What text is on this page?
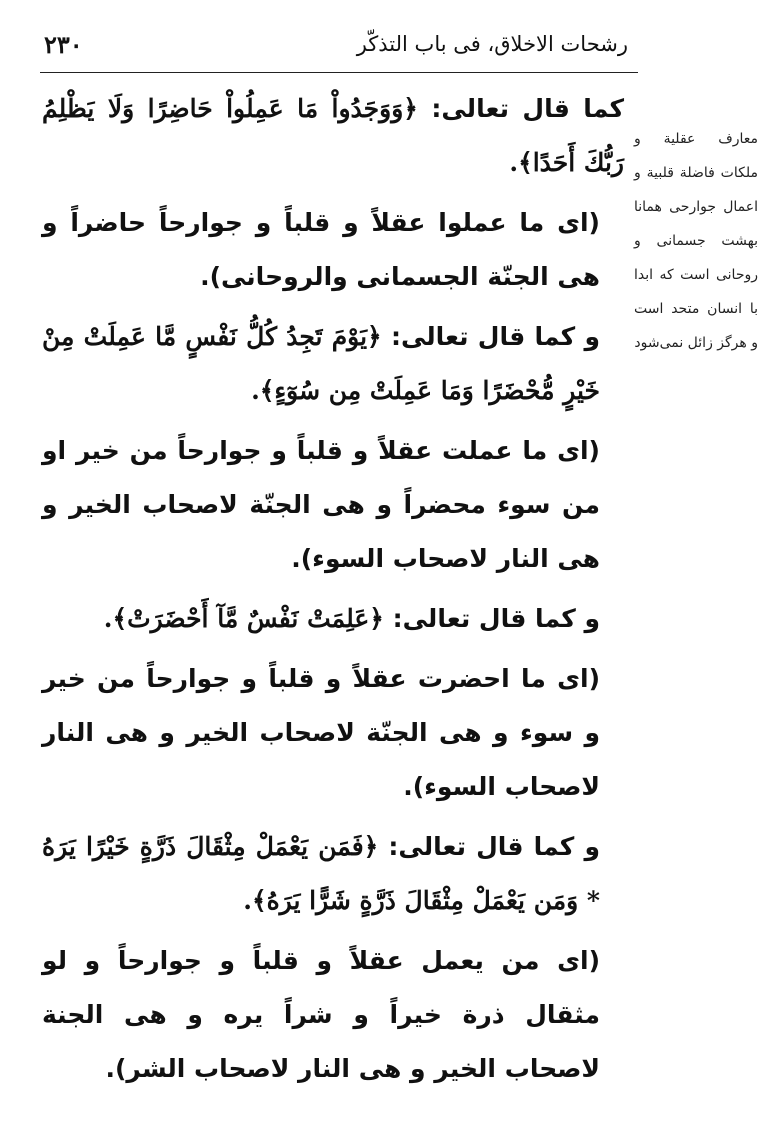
۲۳۰	رشحات الاخلاق، فی باب التذکّر
معارف عقلية و ملكات فاضلة قلبية و اعمال جوارحی همانا بهشت جسمانی و روحانی است که ابدا با انسان متحد است و هرگز زائل نمی‌شود

کما قال تعالی: ﴿وَوَجَدُواْ مَا عَمِلُواْ حَاضِرًا وَلَا يَظْلِمُ رَبُّكَ أَحَدًا﴾.

(ای ما عملوا عقلاً و قلباً و جوارحاً حاضراً و هی الجنّة الجسمانی والروحانی).

و کما قال تعالی: ﴿يَوْمَ تَجِدُ كُلُّ نَفْسٍ مَّا عَمِلَتْ مِنْ خَيْرٍ مُّحْضَرًا وَمَا عَمِلَتْ مِن سُوٓءٍ﴾.

(ای ما عملت عقلاً و قلباً و جوارحاً من خیر او من سوء محضراً و هی الجنّة لاصحاب الخیر و هی النار لاصحاب السوء).

و کما قال تعالی: ﴿عَلِمَتْ نَفْسٌ مَّآ أَحْضَرَتْ﴾.

(ای ما احضرت عقلاً و قلباً و جوارحاً من خیر و سوء و هی الجنّة لاصحاب الخیر و هی النار لاصحاب السوء).

و کما قال تعالی: ﴿فَمَن يَعْمَلْ مِثْقَالَ ذَرَّةٍ خَيْرًا يَرَهُ * وَمَن يَعْمَلْ مِثْقَالَ ذَرَّةٍ شَرًّا يَرَهُ﴾.

(ای من یعمل عقلاً و قلباً و جوارحاً و لو مثقال ذرة خیراً و شراً یره و هی الجنة لاصحاب الخیر و هی النار لاصحاب الشر).
